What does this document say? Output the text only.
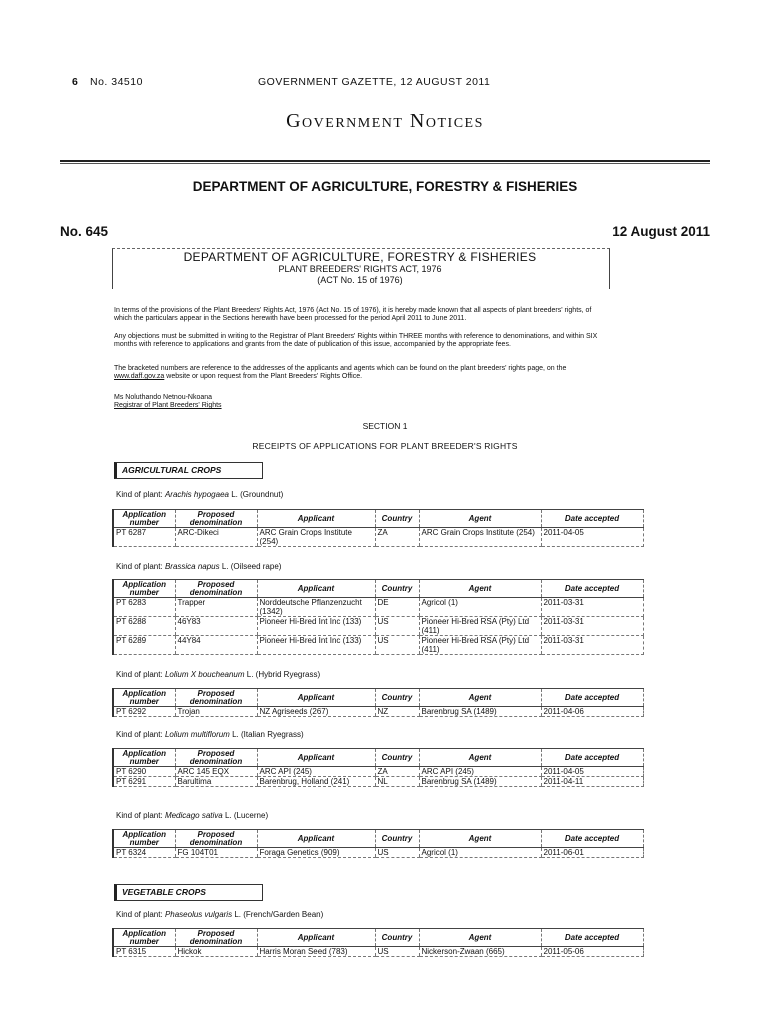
6 No. 34510	GOVERNMENT GAZETTE, 12 AUGUST 2011
Government Notices
DEPARTMENT OF AGRICULTURE, FORESTRY & FISHERIES
No. 645	12 August 2011
DEPARTMENT OF AGRICULTURE, FORESTRY & FISHERIES
PLANT BREEDERS' RIGHTS ACT, 1976
(ACT No. 15 of 1976)
In terms of the provisions of the Plant Breeders' Rights Act, 1976 (Act No. 15 of 1976), it is hereby made known that all aspects of plant breeders' rights, of which the particulars appear in the Sections herewith have been processed for the period April 2011 to June 2011.
Any objections must be submitted in writing to the Registrar of Plant Breeders' Rights within THREE months with reference to denominations, and within SIX months with reference to applications and grants from the date of publication of this issue, accompanied by the appropriate fees.
The bracketed numbers are reference to the addresses of the applicants and agents which can be found on the plant breeders' rights page, on the www.daff.gov.za website or upon request from the Plant Breeders' Rights Office.
Ms Noluthando Netnou-Nkoana
Registrar of Plant Breeders' Rights
SECTION 1
RECEIPTS OF APPLICATIONS FOR PLANT BREEDER'S RIGHTS
AGRICULTURAL CROPS
Kind of plant: Arachis hypogaea L. (Groundnut)
Application
number	Proposed
denomination	Applicant	Country	Agent	Date accepted
PT 6287	ARC-Dikeci	ARC Grain Crops Institute (254)	ZA	ARC Grain Crops Institute (254)	2011-04-05
Kind of plant: Brassica napus L. (Oilseed rape)
Application
number	Proposed
denomination	Applicant	Country	Agent	Date accepted
PT 6283	Trapper	Norddeutsche Pflanzenzucht (1342)	DE	Agricol (1)	2011-03-31
PT 6288	46Y83	Pioneer Hi-Bred Int Inc (133)	US	Pioneer Hi-Bred RSA (Pty) Ltd (411)	2011-03-31
PT 6289	44Y84	Pioneer Hi-Bred Int Inc (133)	US	Pioneer Hi-Bred RSA (Pty) Ltd (411)	2011-03-31
Kind of plant: Lolium X boucheanum L. (Hybrid Ryegrass)
Application
number	Proposed
denomination	Applicant	Country	Agent	Date accepted
PT 6292	Trojan	NZ Agriseeds (267)	NZ	Barenbrug SA (1489)	2011-04-06
Kind of plant: Lolium multiflorum L. (Italian Ryegrass)
Application
number	Proposed
denomination	Applicant	Country	Agent	Date accepted
PT 6290	ARC 145 EQX	ARC API (245)	ZA	ARC API (245)	2011-04-05
PT 6291	Barultima	Barenbrug, Holland (241)	NL	Barenbrug SA (1489)	2011-04-11
Kind of plant: Medicago sativa L. (Lucerne)
Application
number	Proposed
denomination	Applicant	Country	Agent	Date accepted
PT 6324	FG 104T01	Foraga Genetics (909)	US	Agricol (1)	2011-06-01
VEGETABLE CROPS
Kind of plant: Phaseolus vulgaris L. (French/Garden Bean)
Application
number	Proposed
denomination	Applicant	Country	Agent	Date accepted
PT 6315	Hickok	Harris Moran Seed (783)	US	Nickerson-Zwaan (665)	2011-05-06
